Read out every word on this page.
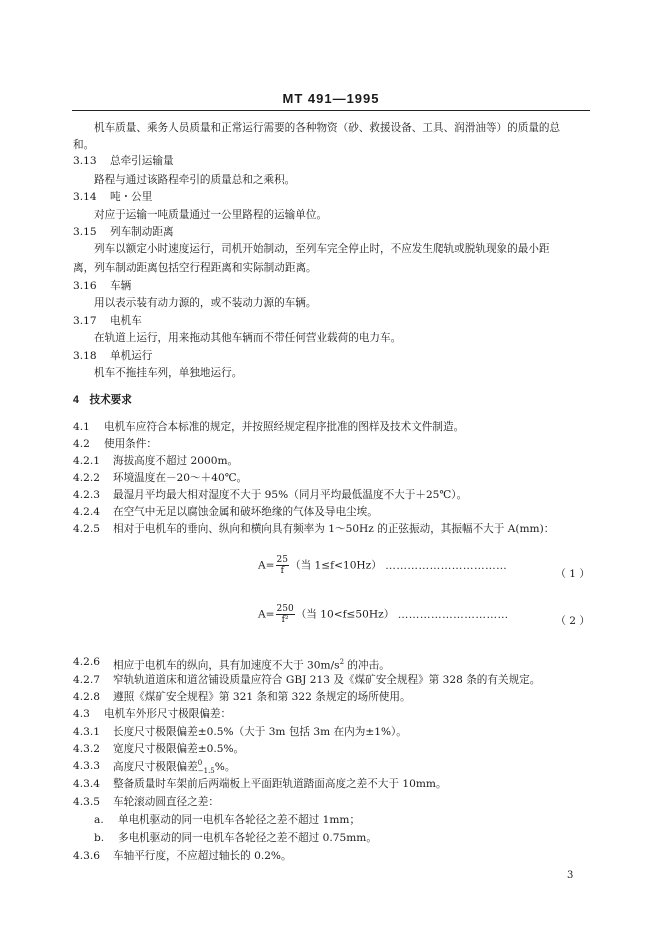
MT 491—1995
机车质量、乘务人员质量和正常运行需要的各种物资（砂、救援设备、工具、润滑油等）的质量的总
和。
3.13 总牵引运输量
路程与通过该路程牵引的质量总和之乘积。
3.14 吨・公里
对应于运输一吨质量通过一公里路程的运输单位。
3.15 列车制动距离
列车以额定小时速度运行，司机开始制动，至列车完全停止时，不应发生爬轨或脱轨现象的最小距
离，列车制动距离包括空行程距离和实际制动距离。
3.16 车辆
用以表示装有动力源的，或不装动力源的车辆。
3.17 电机车
在轨道上运行，用来拖动其他车辆而不带任何营业载荷的电力车。
3.18 单机运行
机车不拖挂车列，单独地运行。
4　技术要求
4.1 电机车应符合本标准的规定，并按照经规定程序批准的图样及技术文件制造。
4.2 使用条件：
4.2.1 海拔高度不超过 2000m。
4.2.2 环境温度在－20～＋40℃。
4.2.3 最湿月平均最大相对湿度不大于 95%（同月平均最低温度不大于＋25℃）。
4.2.4 在空气中无足以腐蚀金属和破坏绝缘的气体及导电尘埃。
4.2.5 相对于电机车的垂向、纵向和横向具有频率为 1～50Hz 的正弦振动，其振幅不大于 A(mm)：
$A= \frac{25}{f}$ （当 1≤f<10Hz） ……………………………
（ 1 ）
$A= \frac{250}{\text{f²}}$ （当 10<f≤50Hz） …………………………
（ 2 ）
4.2.6 相应于电机车的纵向，具有加速度不大于 $30m/s^2$ 的冲击。
4.2.7 窄轨轨道道床和道岔铺设质量应符合 GBJ 213 及《煤矿安全规程》第 328 条的有关规定。
4.2.8 遵照《煤矿安全规程》第 321 条和第 322 条规定的场所使用。
4.3 电机车外形尺寸极限偏差：
4.3.1 长度尺寸极限偏差±0.5%（大于 3m 包括 3m 在内为±1%）。
4.3.2 宽度尺寸极限偏差±0.5%。
4.3.3 高度尺寸极限偏差 0
−1.5 %。
4.3.4 整备质量时车架前后两端板上平面距轨道踏面高度之差不大于 10mm。
4.3.5 车轮滚动圆直径之差：
a. 单电机驱动的同一电机车各轮径之差不超过 1mm；
b. 多电机驱动的同一电机车各轮径之差不超过 0.75mm。
4.3.6 车轴平行度，不应超过轴长的 0.2%。
3
